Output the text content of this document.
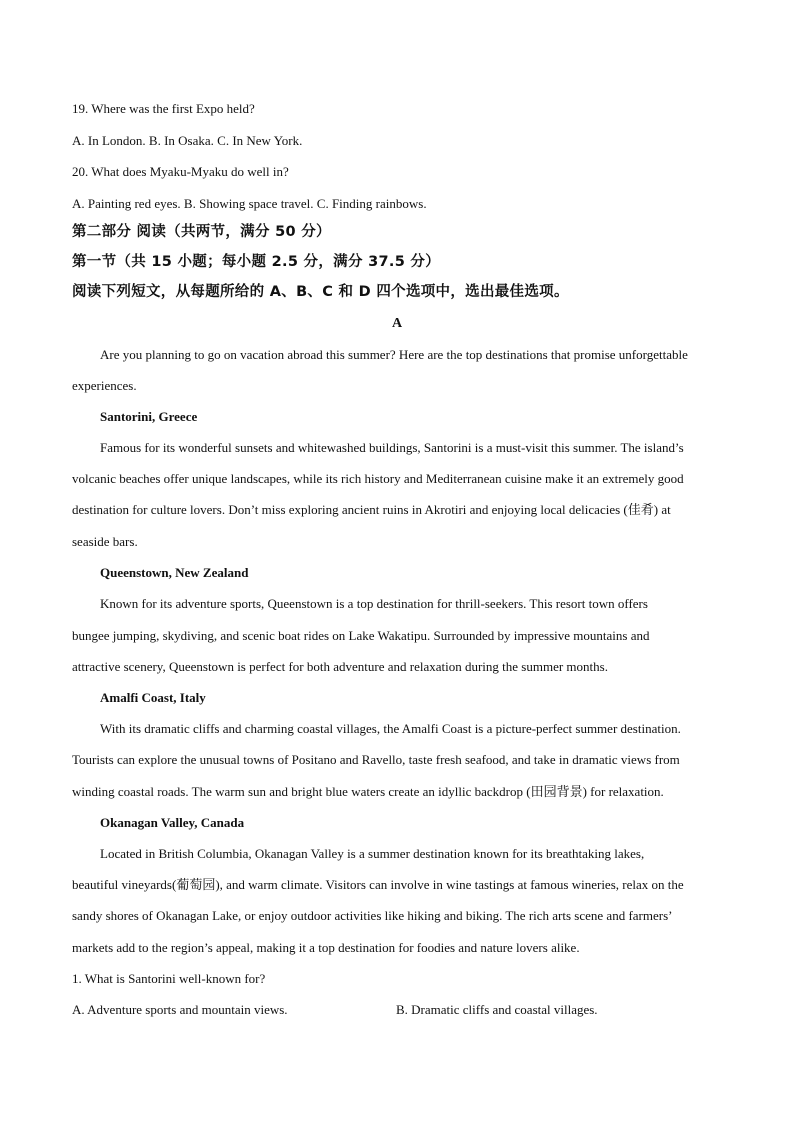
19. Where was the first Expo held?
A. In London. B. In Osaka. C. In New York.
20. What does Myaku-Myaku do well in?
A. Painting red eyes. B. Showing space travel. C. Finding rainbows.
第二部分 阅读（共两节，满分 50 分）
第一节（共 15 小题；每小题 2.5 分，满分 37.5 分）
阅读下列短文，从每题所给的 A、B、C 和 D 四个选项中，选出最佳选项。
A
Are you planning to go on vacation abroad this summer? Here are the top destinations that promise unforgettable
experiences.
Santorini, Greece
Famous for its wonderful sunsets and whitewashed buildings, Santorini is a must-visit this summer. The island’s
volcanic beaches offer unique landscapes, while its rich history and Mediterranean cuisine make it an extremely good
destination for culture lovers. Don’t miss exploring ancient ruins in Akrotiri and enjoying local delicacies (佳肴) at
seaside bars.
Queenstown, New Zealand
Known for its adventure sports, Queenstown is a top destination for thrill-seekers. This resort town offers
bungee jumping, skydiving, and scenic boat rides on Lake Wakatipu. Surrounded by impressive mountains and
attractive scenery, Queenstown is perfect for both adventure and relaxation during the summer months.
Amalfi Coast, Italy
With its dramatic cliffs and charming coastal villages, the Amalfi Coast is a picture-perfect summer destination.
Tourists can explore the unusual towns of Positano and Ravello, taste fresh seafood, and take in dramatic views from
winding coastal roads. The warm sun and bright blue waters create an idyllic backdrop (田园背景) for relaxation.
Okanagan Valley, Canada
Located in British Columbia, Okanagan Valley is a summer destination known for its breathtaking lakes,
beautiful vineyards(葡萄园), and warm climate. Visitors can involve in wine tastings at famous wineries, relax on the
sandy shores of Okanagan Lake, or enjoy outdoor activities like hiking and biking. The rich arts scene and farmers’
markets add to the region’s appeal, making it a top destination for foodies and nature lovers alike.
1. What is Santorini well-known for?
A. Adventure sports and mountain views.	B. Dramatic cliffs and coastal villages.
